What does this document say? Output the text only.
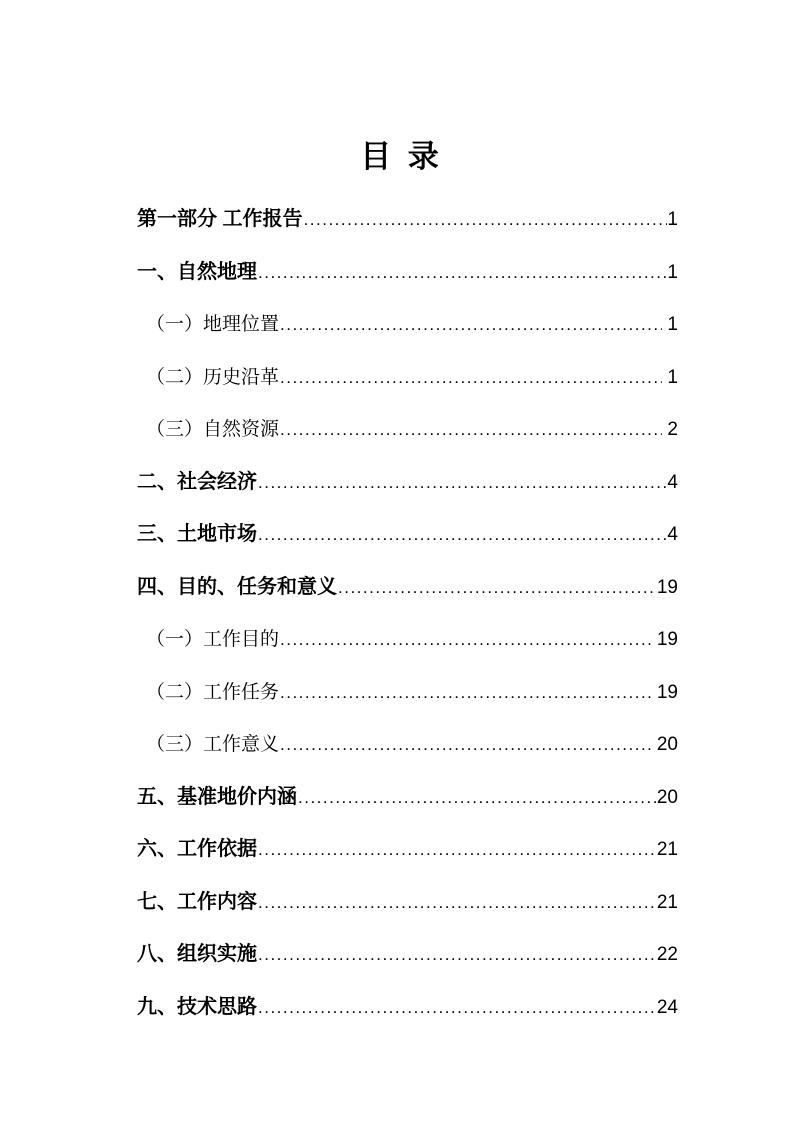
目 录
第一部分 工作报告 .....	1
一、自然地理 .....	1
（一）地理位置 .....	1
（二）历史沿革 .....	1
（三）自然资源 .....	2
二、社会经济 .....	4
三、土地市场 .....	4
四、目的、任务和意义 .....	19
（一）工作目的 .....	19
（二）工作任务 .....	19
（三）工作意义 .....	20
五、基准地价内涵 .....	20
六、工作依据 .....	21
七、工作内容 .....	21
八、组织实施 .....	22
九、技术思路 .....	24
